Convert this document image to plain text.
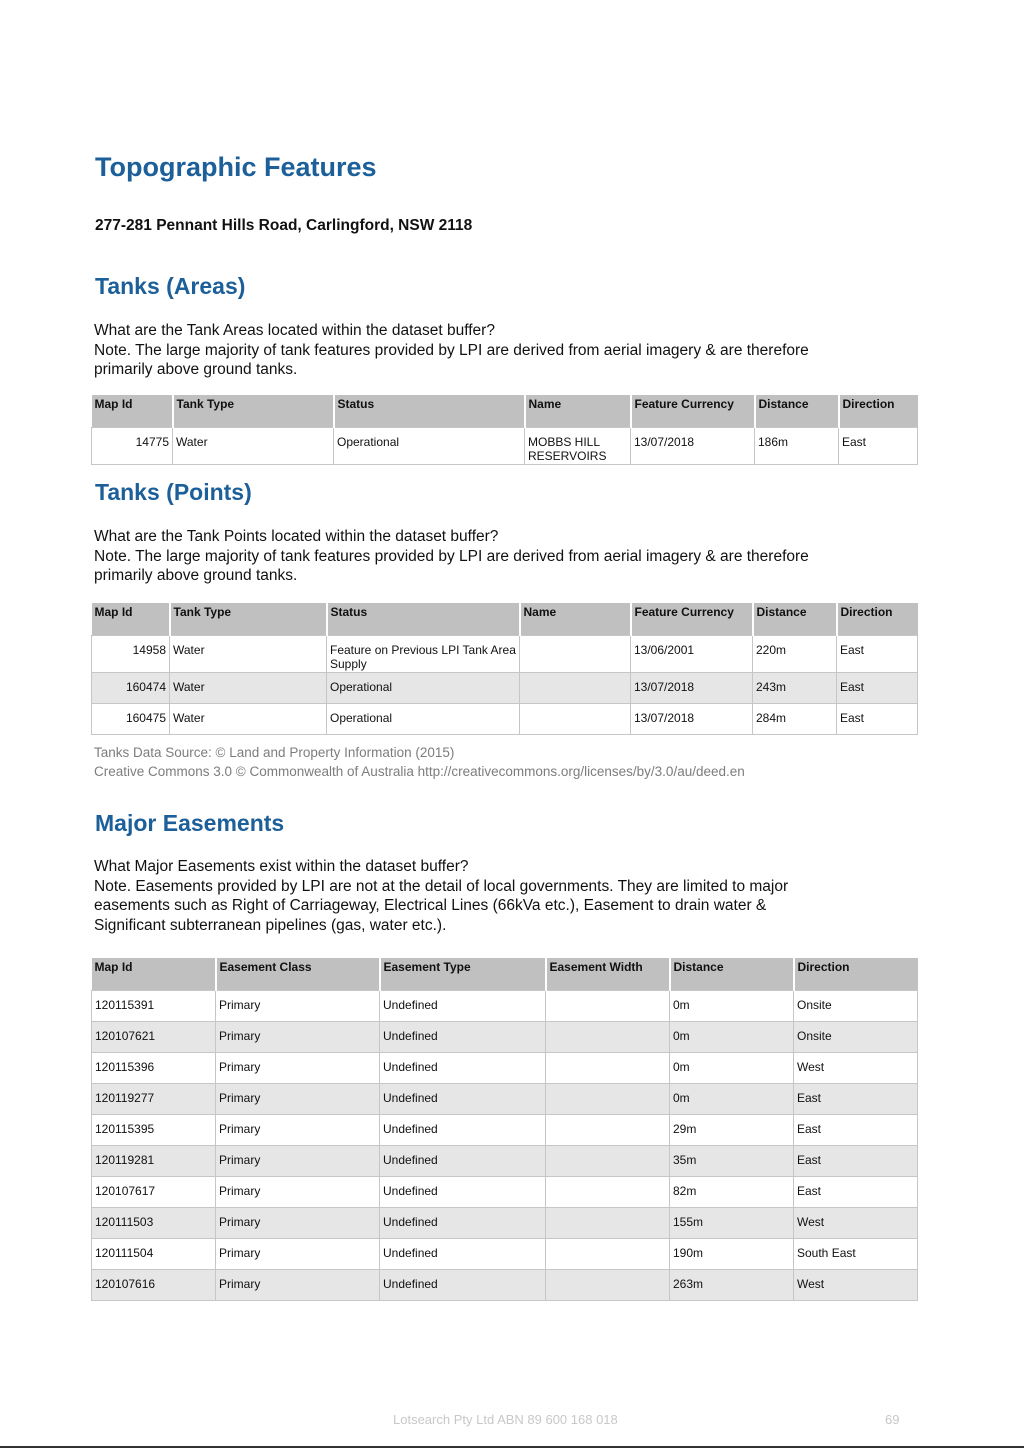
Topographic Features
277-281 Pennant Hills Road, Carlingford, NSW 2118
Tanks (Areas)
What are the Tank Areas located within the dataset buffer?
Note. The large majority of tank features provided by LPI are derived from aerial imagery & are therefore
primarily above ground tanks.
Map Id	Tank Type	Status	Name	Feature Currency	Distance	Direction
14775	Water	Operational	MOBBS HILL RESERVOIRS	13/07/2018	186m	East
Tanks (Points)
What are the Tank Points located within the dataset buffer?
Note. The large majority of tank features provided by LPI are derived from aerial imagery & are therefore
primarily above ground tanks.
Map Id	Tank Type	Status	Name	Feature Currency	Distance	Direction
14958	Water	Feature on Previous LPI Tank Area Supply		13/06/2001	220m	East
160474	Water	Operational		13/07/2018	243m	East
160475	Water	Operational		13/07/2018	284m	East
Tanks Data Source: © Land and Property Information (2015)
Creative Commons 3.0 © Commonwealth of Australia http://creativecommons.org/licenses/by/3.0/au/deed.en
Major Easements
What Major Easements exist within the dataset buffer?
Note. Easements provided by LPI are not at the detail of local governments. They are limited to major
easements such as Right of Carriageway, Electrical Lines (66kVa etc.), Easement to drain water &
Significant subterranean pipelines (gas, water etc.).
Map Id	Easement Class	Easement Type	Easement Width	Distance	Direction
120115391	Primary	Undefined		0m	Onsite
120107621	Primary	Undefined		0m	Onsite
120115396	Primary	Undefined		0m	West
120119277	Primary	Undefined		0m	East
120115395	Primary	Undefined		29m	East
120119281	Primary	Undefined		35m	East
120107617	Primary	Undefined		82m	East
120111503	Primary	Undefined		155m	West
120111504	Primary	Undefined		190m	South East
120107616	Primary	Undefined		263m	West
Lotsearch Pty Ltd ABN 89 600 168 018	69
